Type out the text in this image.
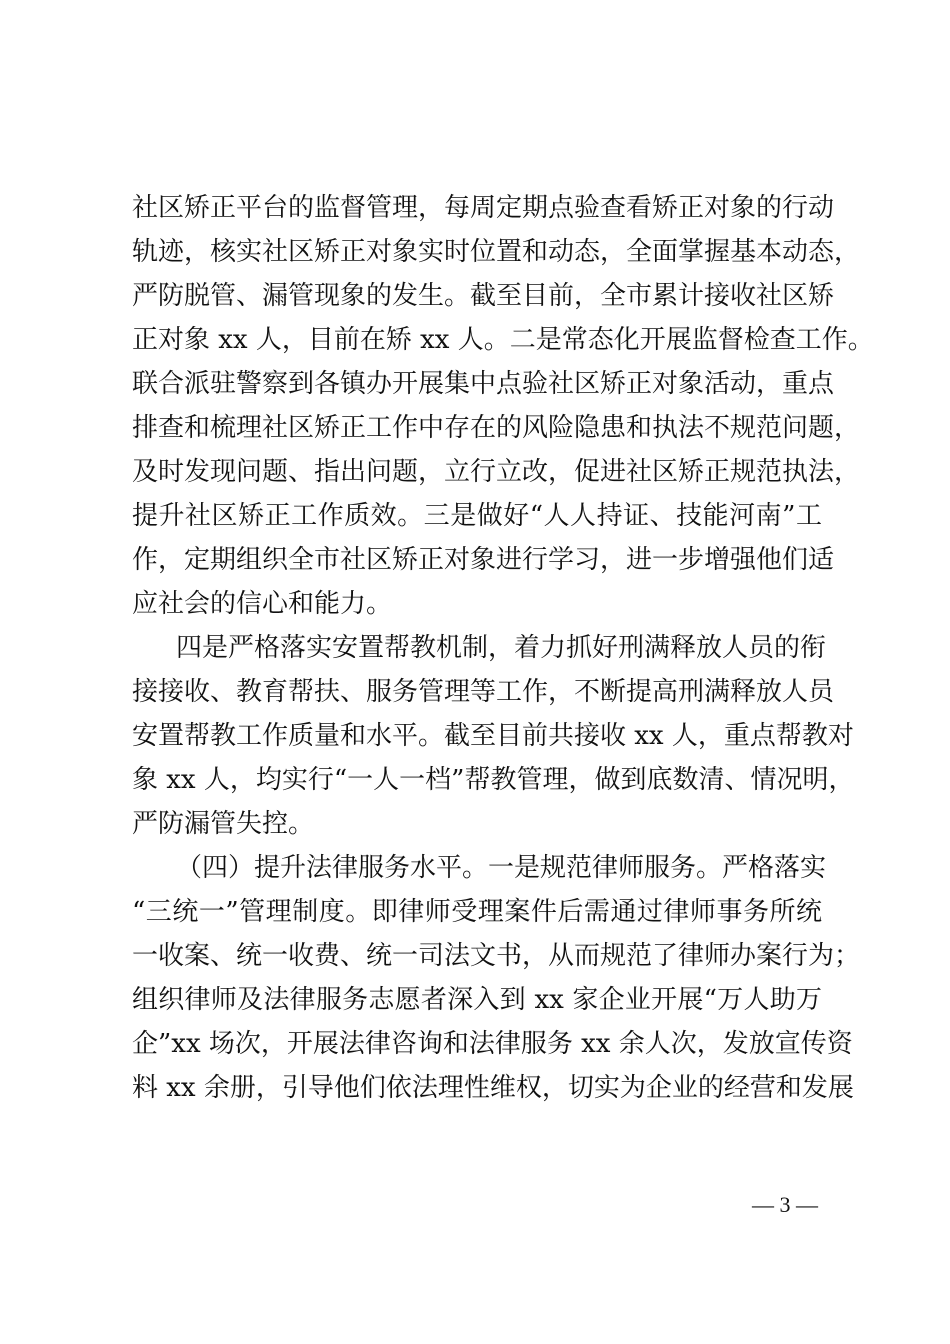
社区矫正平台的监督管理，每周定期点验查看矫正对象的行动
轨迹，核实社区矫正对象实时位置和动态，全面掌握基本动态，
严防脱管、漏管现象的发生。截至目前，全市累计接收社区矫
正对象 xx 人，目前在矫 xx 人。二是常态化开展监督检查工作。
联合派驻警察到各镇办开展集中点验社区矫正对象活动，重点
排查和梳理社区矫正工作中存在的风险隐患和执法不规范问题，
及时发现问题、指出问题，立行立改，促进社区矫正规范执法，
提升社区矫正工作质效。三是做好“人人持证、技能河南”工
作，定期组织全市社区矫正对象进行学习，进一步增强他们适
应社会的信心和能力。
四是严格落实安置帮教机制，着力抓好刑满释放人员的衔
接接收、教育帮扶、服务管理等工作，不断提高刑满释放人员
安置帮教工作质量和水平。截至目前共接收 xx 人，重点帮教对
象 xx 人，均实行“一人一档”帮教管理，做到底数清、情况明，
严防漏管失控。
（四）提升法律服务水平。一是规范律师服务。严格落实
“三统一”管理制度。即律师受理案件后需通过律师事务所统
一收案、统一收费、统一司法文书，从而规范了律师办案行为；
组织律师及法律服务志愿者深入到 xx 家企业开展“万人助万
企”xx 场次，开展法律咨询和法律服务 xx 余人次，发放宣传资
料 xx 余册，引导他们依法理性维权，切实为企业的经营和发展
— 3 —
